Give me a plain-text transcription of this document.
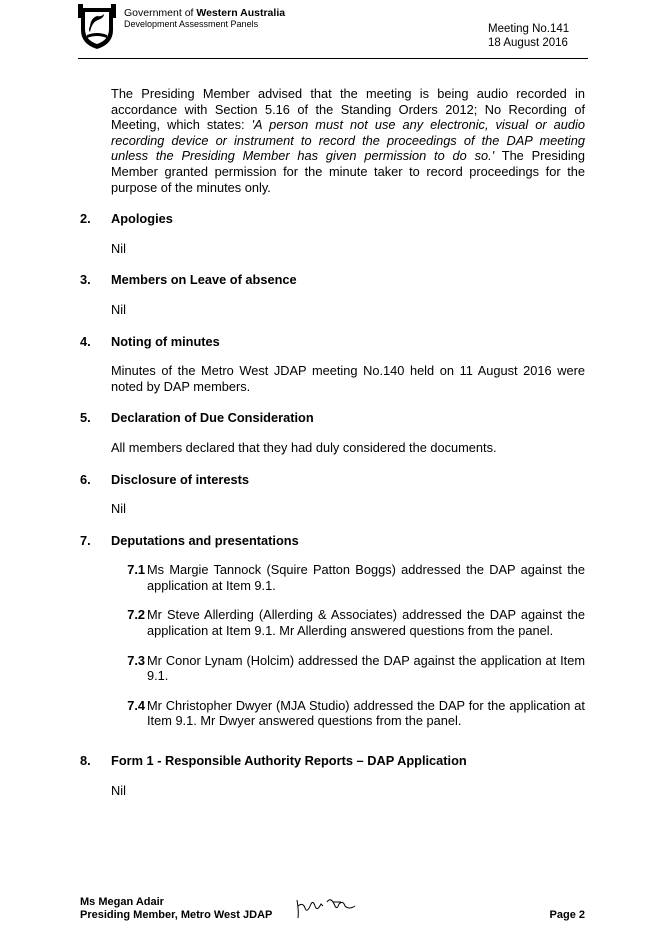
Government of Western Australia
Development Assessment Panels	Meeting No.141
18 August 2016
The Presiding Member advised that the meeting is being audio recorded in accordance with Section 5.16 of the Standing Orders 2012; No Recording of Meeting, which states: 'A person must not use any electronic, visual or audio recording device or instrument to record the proceedings of the DAP meeting unless the Presiding Member has given permission to do so.' The Presiding Member granted permission for the minute taker to record proceedings for the purpose of the minutes only.
2.	Apologies
Nil
3.	Members on Leave of absence
Nil
4.	Noting of minutes
Minutes of the Metro West JDAP meeting No.140 held on 11 August 2016 were noted by DAP members.
5.	Declaration of Due Consideration
All members declared that they had duly considered the documents.
6.	Disclosure of interests
Nil
7.	Deputations and presentations
7.1 Ms Margie Tannock (Squire Patton Boggs) addressed the DAP against the application at Item 9.1.
7.2 Mr Steve Allerding (Allerding & Associates) addressed the DAP against the application at Item 9.1. Mr Allerding answered questions from the panel.
7.3 Mr Conor Lynam (Holcim) addressed the DAP against the application at Item 9.1.
7.4 Mr Christopher Dwyer (MJA Studio) addressed the DAP for the application at Item 9.1. Mr Dwyer answered questions from the panel.
8.	Form 1 - Responsible Authority Reports – DAP Application
Nil
Ms Megan Adair
Presiding Member, Metro West JDAP	Page 2
